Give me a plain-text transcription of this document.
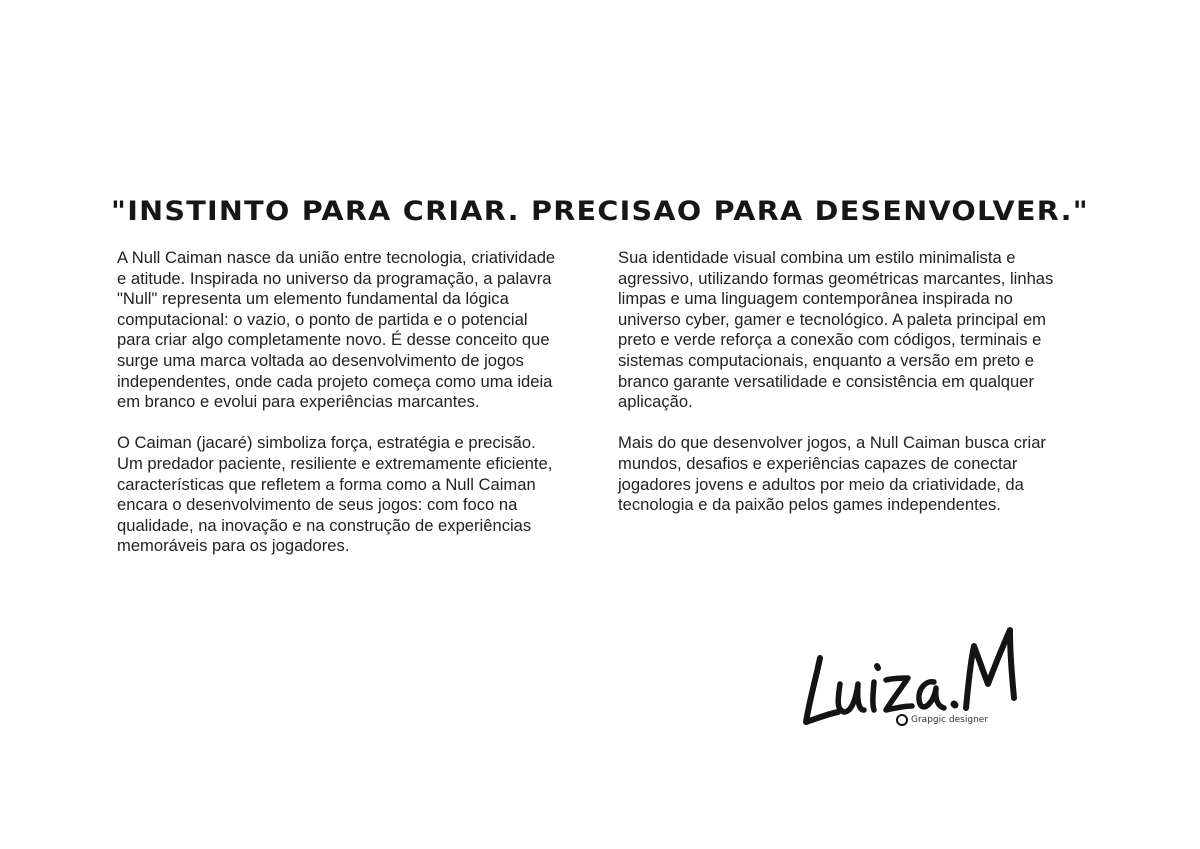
"INSTINTO PARA CRIAR. PRECISAO PARA DESENVOLVER."

A Null Caiman nasce da união entre tecnologia, criatividade e atitude. Inspirada no universo da programação, a palavra "Null" representa um elemento fundamental da lógica computacional: o vazio, o ponto de partida e o potencial para criar algo completamente novo. É desse conceito que surge uma marca voltada ao desenvolvimento de jogos independentes, onde cada projeto começa como uma ideia em branco e evolui para experiências marcantes.

O Caiman (jacaré) simboliza força, estratégia e precisão. Um predador paciente, resiliente e extremamente eficiente, características que refletem a forma como a Null Caiman encara o desenvolvimento de seus jogos: com foco na qualidade, na inovação e na construção de experiências memoráveis para os jogadores.

Sua identidade visual combina um estilo minimalista e agressivo, utilizando formas geométricas marcantes, linhas limpas e uma linguagem contemporânea inspirada no universo cyber, gamer e tecnológico. A paleta principal em preto e verde reforça a conexão com códigos, terminais e sistemas computacionais, enquanto a versão em preto e branco garante versatilidade e consistência em qualquer aplicação.

Mais do que desenvolver jogos, a Null Caiman busca criar mundos, desafios e experiências capazes de conectar jogadores jovens e adultos por meio da criatividade, da tecnologia e da paixão pelos games independentes.

Grapgic designer
